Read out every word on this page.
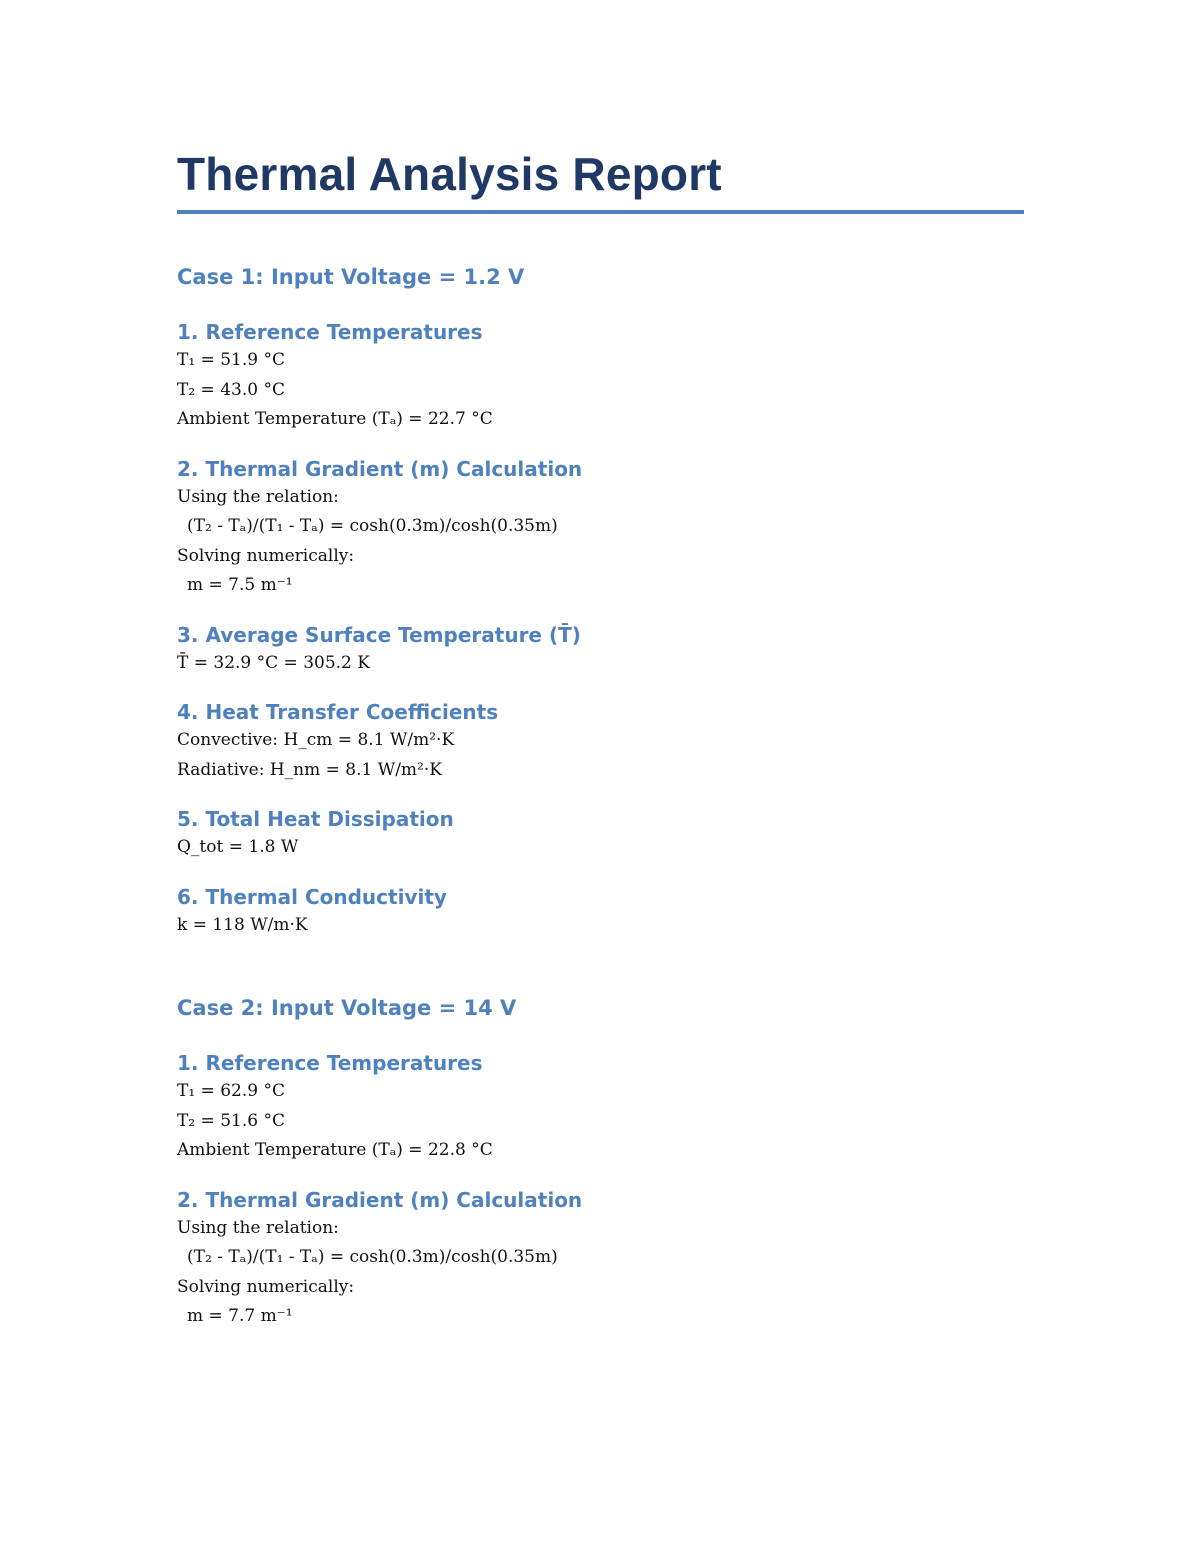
Thermal Analysis Report
Case 1: Input Voltage = 1.2 V
1. Reference Temperatures

T₁ = 51.9 °C

T₂ = 43.0 °C

Ambient Temperature (Tₐ) = 22.7 °C

2. Thermal Gradient (m) Calculation

Using the relation:

(T₂ - Tₐ)/(T₁ - Tₐ) = cosh(0.3m)/cosh(0.35m)

Solving numerically:

m = 7.5 m⁻¹

3. Average Surface Temperature (T̄)

T̄ = 32.9 °C = 305.2 K

4. Heat Transfer Coefficients

Convective: H_cm = 8.1 W/m²·K

Radiative: H_nm = 8.1 W/m²·K

5. Total Heat Dissipation

Q_tot = 1.8 W

6. Thermal Conductivity

k = 118 W/m·K

Case 2: Input Voltage = 14 V
1. Reference Temperatures

T₁ = 62.9 °C

T₂ = 51.6 °C

Ambient Temperature (Tₐ) = 22.8 °C

2. Thermal Gradient (m) Calculation

Using the relation:

(T₂ - Tₐ)/(T₁ - Tₐ) = cosh(0.3m)/cosh(0.35m)

Solving numerically:

m = 7.7 m⁻¹
